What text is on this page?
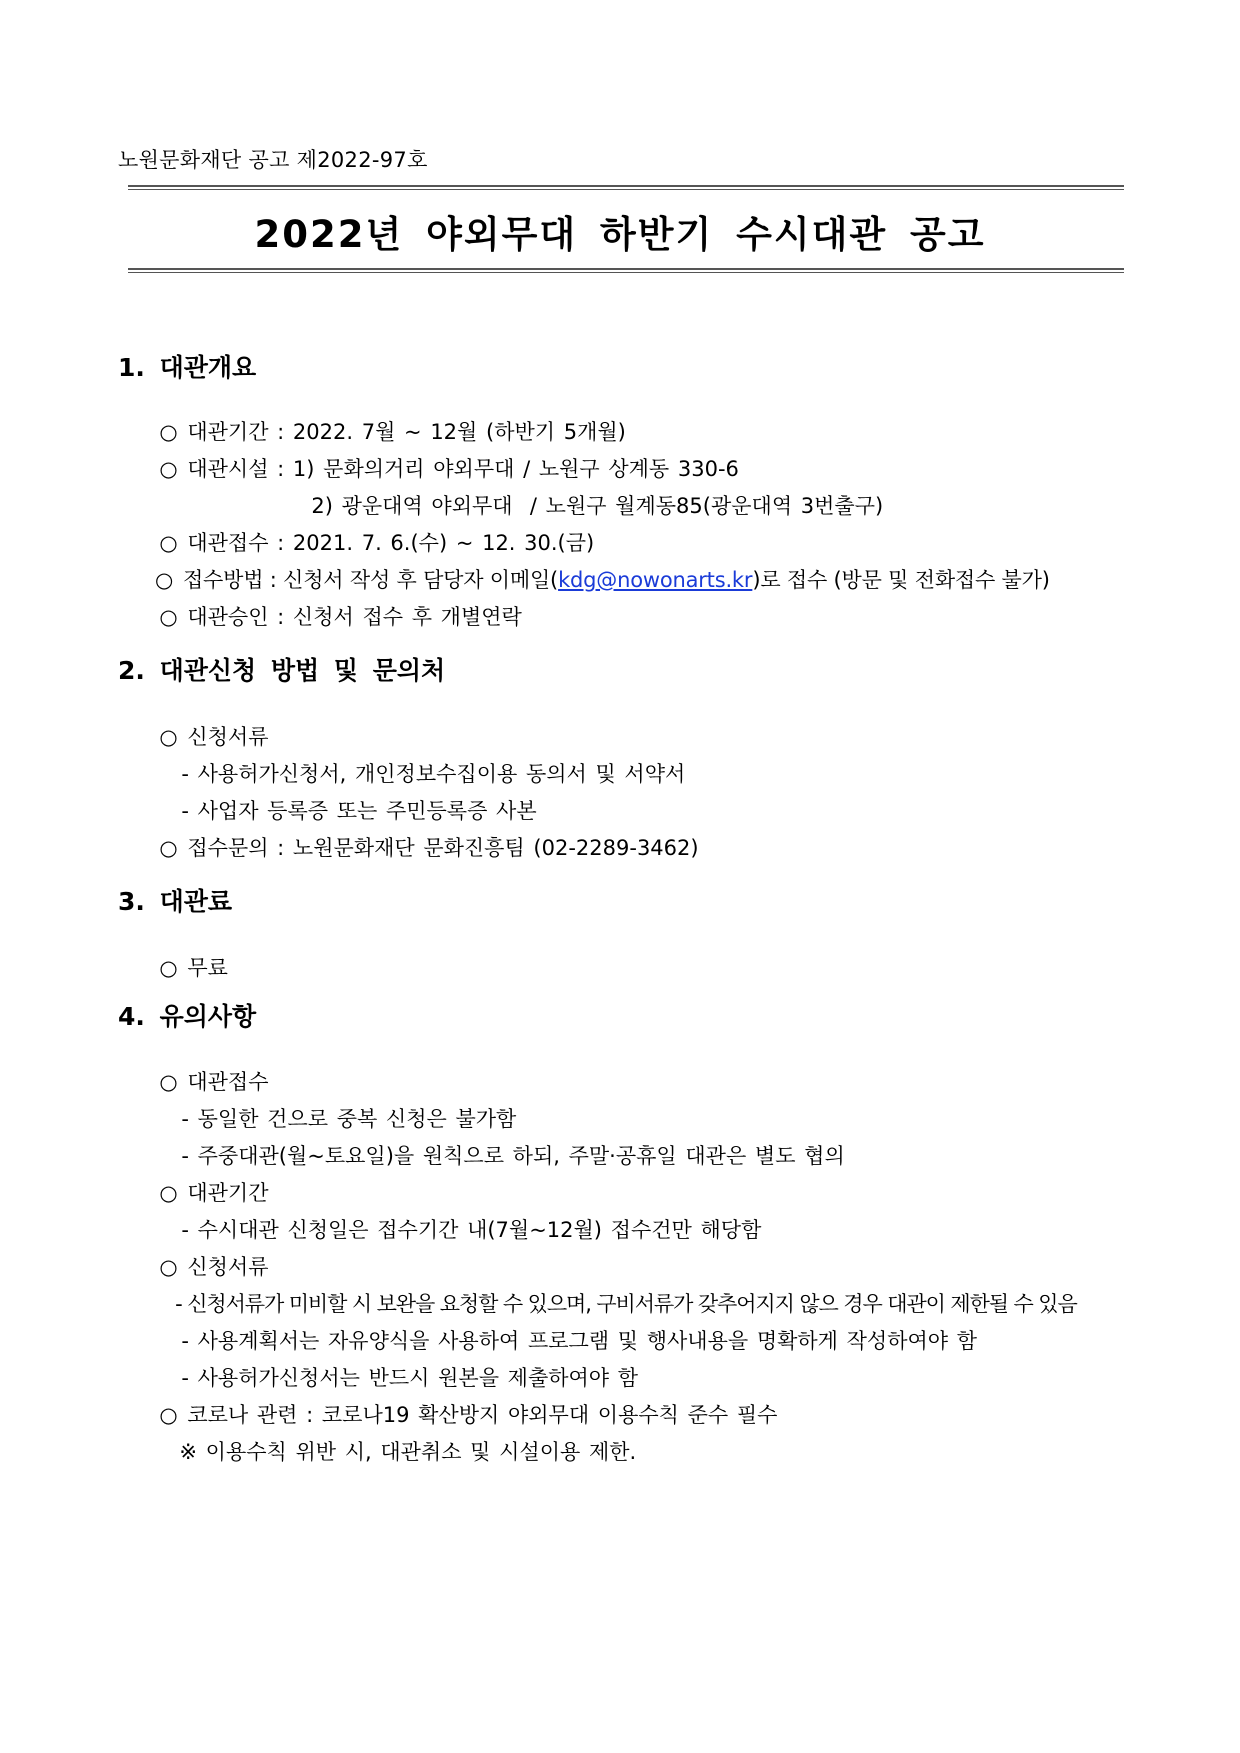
노원문화재단 공고 제2022-97호
2022년 야외무대 하반기 수시대관 공고
1. 대관개요

○ 대관기간 : 2022. 7월 ~ 12월 (하반기 5개월)

○ 대관시설 : 1) 문화의거리 야외무대 / 노원구 상계동 330-6

2) 광운대역 야외무대  / 노원구 월계동85(광운대역 3번출구)

○ 대관접수 : 2021. 7. 6.(수) ~ 12. 30.(금)

○ 접수방법 : 신청서 작성 후 담당자 이메일(kdg@nowonarts.kr)로 접수 (방문 및 전화접수 불가)

○ 대관승인 : 신청서 접수 후 개별연락

2. 대관신청 방법 및 문의처

○ 신청서류

- 사용허가신청서, 개인정보수집이용 동의서 및 서약서

- 사업자 등록증 또는 주민등록증 사본

○ 접수문의 : 노원문화재단 문화진흥팀 (02-2289-3462)

3. 대관료

○ 무료

4. 유의사항

○ 대관접수

- 동일한 건으로 중복 신청은 불가함

- 주중대관(월~토요일)을 원칙으로 하되, 주말·공휴일 대관은 별도 협의

○ 대관기간

- 수시대관 신청일은 접수기간 내(7월~12월) 접수건만 해당함

○ 신청서류

- 신청서류가 미비할 시 보완을 요청할 수 있으며, 구비서류가 갖추어지지 않으 경우 대관이 제한될 수 있음

- 사용계획서는 자유양식을 사용하여 프로그램 및 행사내용을 명확하게 작성하여야 함

- 사용허가신청서는 반드시 원본을 제출하여야 함

○ 코로나 관련 : 코로나19 확산방지 야외무대 이용수칙 준수 필수

※ 이용수칙 위반 시, 대관취소 및 시설이용 제한.
